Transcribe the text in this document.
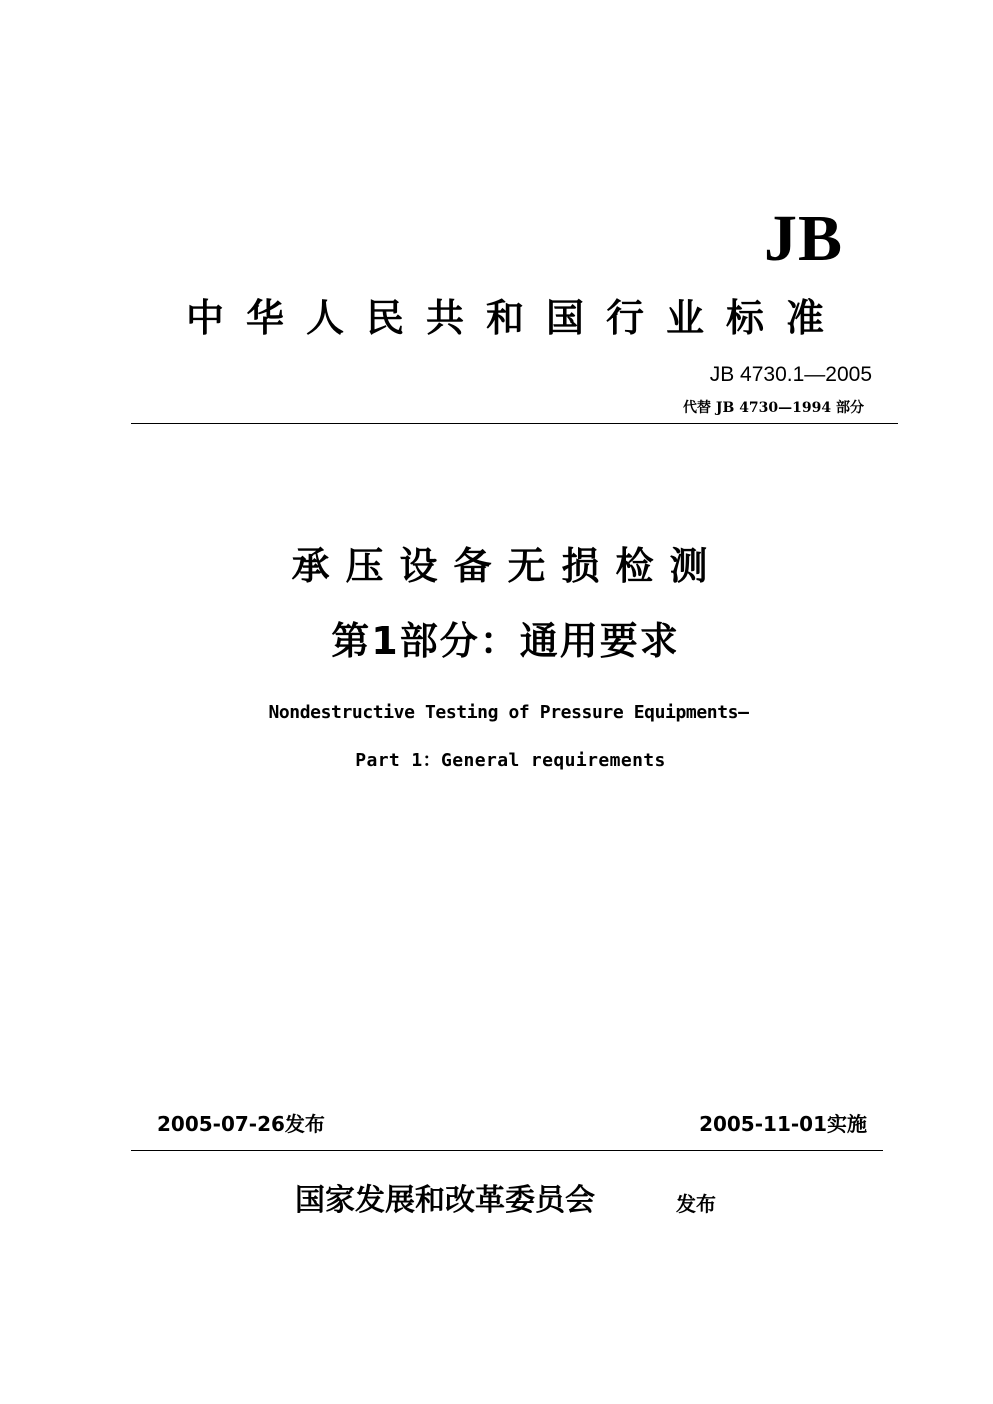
JB
中华人民共和国行业标准
JB 4730.1—2005
代替 JB 4730—1994 部分
承压设备无损检测
第1部分：通用要求
Nondestructive Testing of Pressure Equipments—
Part 1：General requirements
2005-07-26发布	2005-11-01实施
国家发展和改革委员会	发布
